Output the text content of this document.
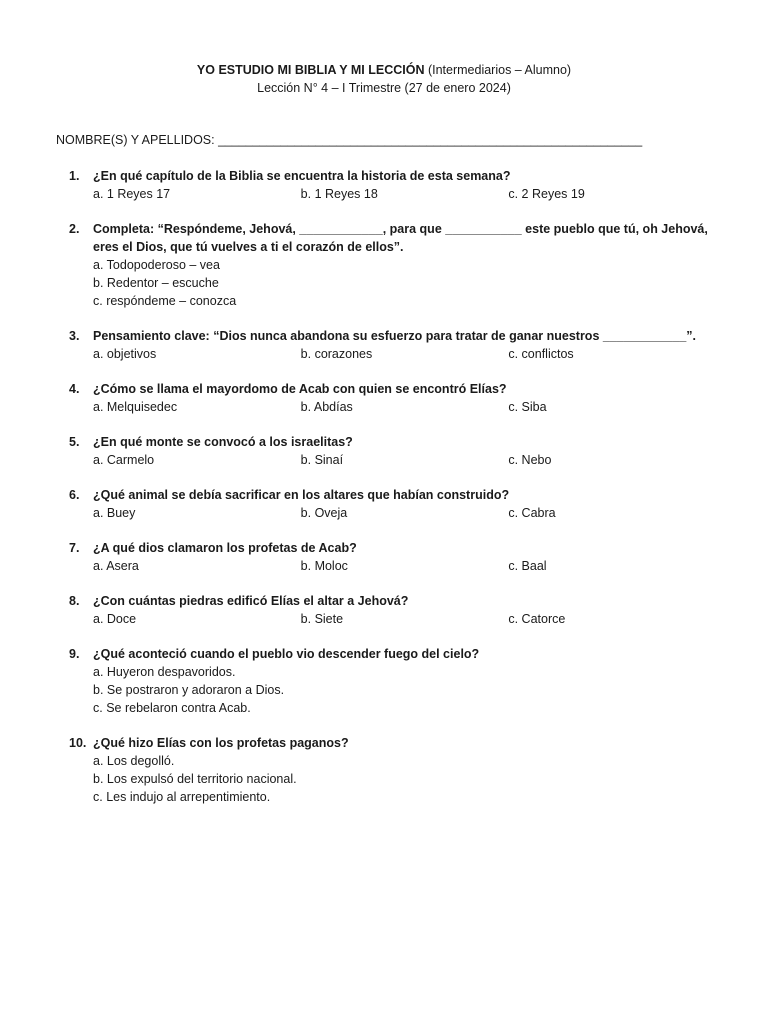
YO ESTUDIO MI BIBLIA Y MI LECCIÓN (Intermediarios – Alumno)
Lección N° 4 – I Trimestre (27 de enero 2024)
NOMBRE(S) Y APELLIDOS: _____________________________________________________________
1.	¿En qué capítulo de la Biblia se encuentra la historia de esta semana?
a. 1 Reyes 17	b. 1 Reyes 18	c. 2 Reyes 19
2.	Completa: “Respóndeme, Jehová, ____________, para que ___________ este pueblo que tú, oh Jehová, eres el Dios, que tú vuelves a ti el corazón de ellos”.
a. Todopoderoso – vea
b. Redentor – escuche
c. respóndeme – conozca
3.	Pensamiento clave: “Dios nunca abandona su esfuerzo para tratar de ganar nuestros ____________”.
a. objetivos	b. corazones	c. conflictos
4.	¿Cómo se llama el mayordomo de Acab con quien se encontró Elías?
a. Melquisedec	b. Abdías	c. Siba
5.	¿En qué monte se convocó a los israelitas?
a. Carmelo	b. Sinaí	c. Nebo
6.	¿Qué animal se debía sacrificar en los altares que habían construido?
a. Buey	b. Oveja	c. Cabra
7.	¿A qué dios clamaron los profetas de Acab?
a. Asera	b. Moloc	c. Baal
8.	¿Con cuántas piedras edificó Elías el altar a Jehová?
a. Doce	b. Siete	c. Catorce
9.	¿Qué aconteció cuando el pueblo vio descender fuego del cielo?
a. Huyeron despavoridos.
b. Se postraron y adoraron a Dios.
c. Se rebelaron contra Acab.
10. ¿Qué hizo Elías con los profetas paganos?
a. Los degolló.
b. Los expulsó del territorio nacional.
c. Les indujo al arrepentimiento.
